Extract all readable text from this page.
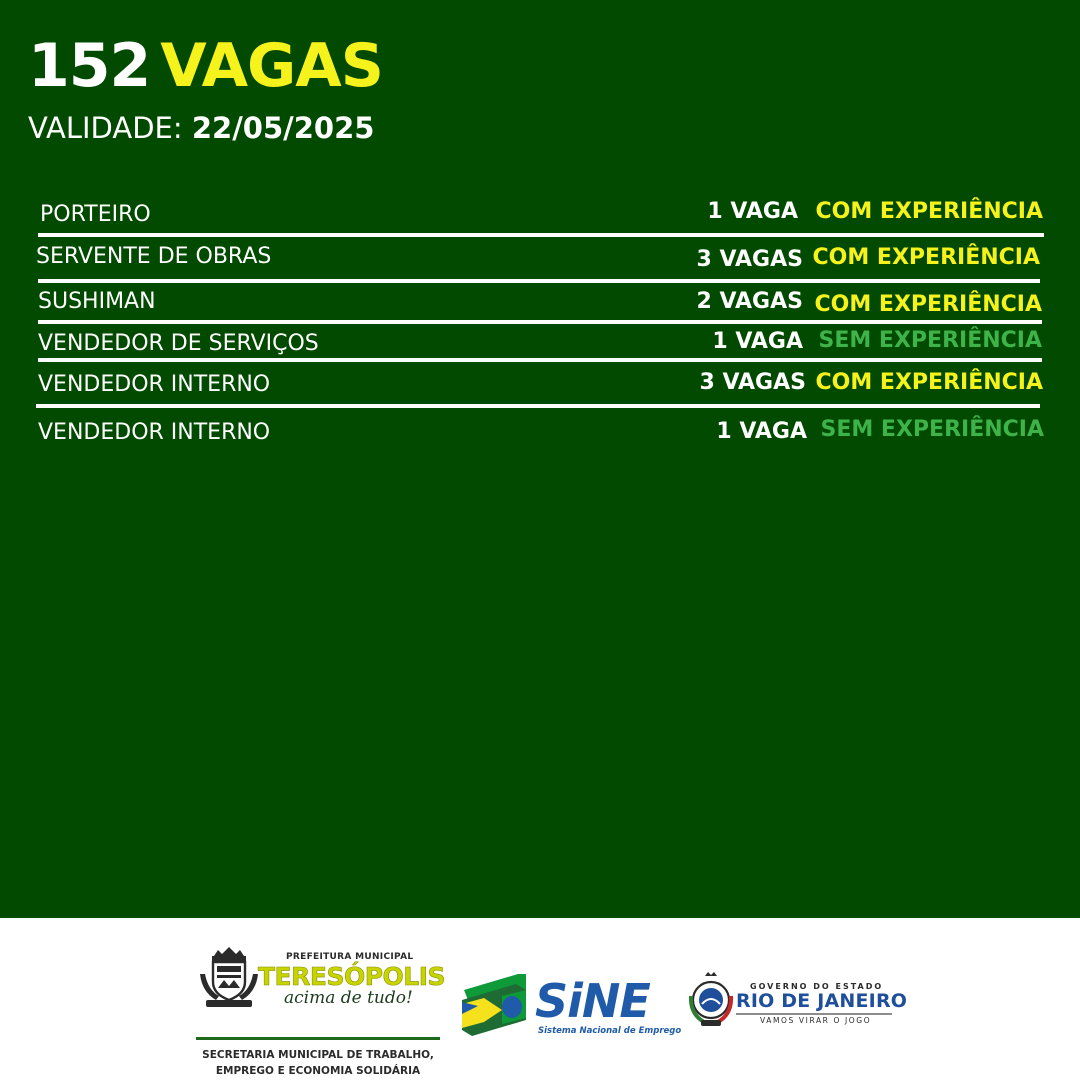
152 VAGAS
VALIDADE: 22/05/2025
PORTEIRO	1 VAGA COM EXPERIÊNCIA
SERVENTE DE OBRAS	3 VAGAS COM EXPERIÊNCIA
SUSHIMAN	2 VAGAS COM EXPERIÊNCIA
VENDEDOR DE SERVIÇOS	1 VAGA SEM EXPERIÊNCIA
VENDEDOR INTERNO	3 VAGAS COM EXPERIÊNCIA
VENDEDOR INTERNO	1 VAGA SEM EXPERIÊNCIA
PREFEITURA MUNICIPAL
TERESÓPOLIS
acima de tudo!
SECRETARIA MUNICIPAL DE TRABALHO,
EMPREGO E ECONOMIA SOLIDÁRIA
SiNE
Sistema Nacional de Emprego
GOVERNO DO ESTADO
RIO DE JANEIRO
VAMOS VIRAR O JOGO
